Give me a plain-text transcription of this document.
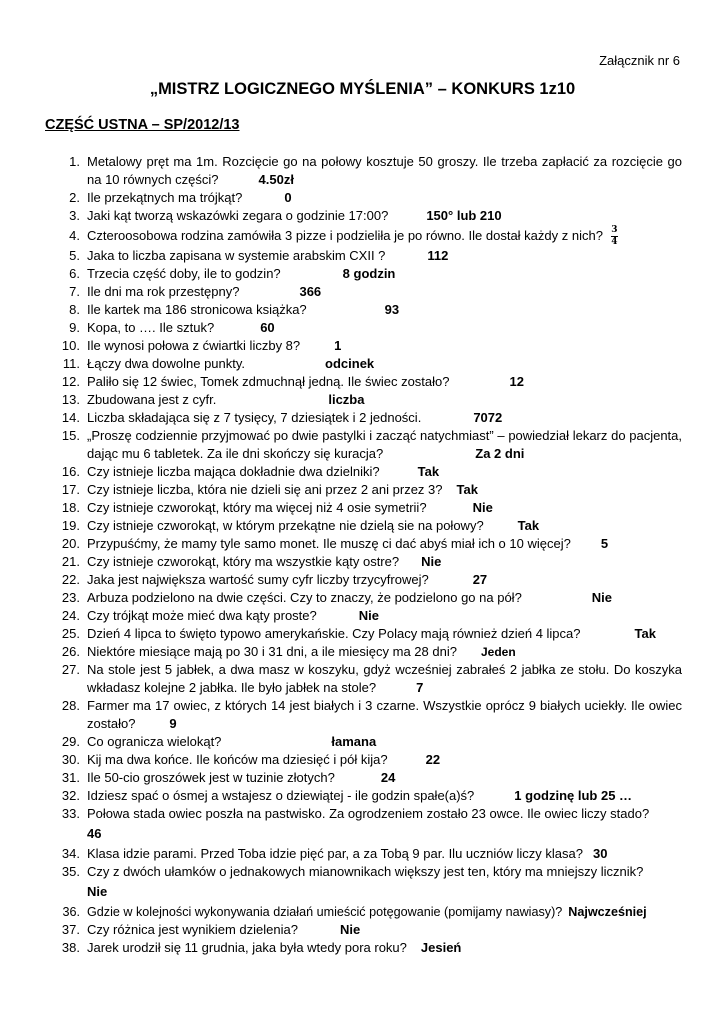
Załącznik nr 6
„MISTRZ LOGICZNEGO MYŚLENIA” – KONKURS 1z10
CZĘŚĆ USTNA – SP/2012/13
1. Metalowy pręt ma 1m. Rozcięcie go na połowy kosztuje 50 groszy. Ile trzeba zapłacić za rozcięcie go na 10 równych części?	4.50zł
2. Ile przekątnych ma trójkąt?	0
3. Jaki kąt tworzą wskazówki zegara o godzinie 17:00?	150° lub 210
4. Czteroosobowa rodzina zamówiła 3 pizze i podzieliła je po równo. Ile dostał każdy z nich? $\frac{3}{4}$
5. Jaka to liczba zapisana w systemie arabskim CXII ?	112
6. Trzecia część doby, ile to godzin?	8 godzin
7. Ile dni ma rok przestępny?	366
8. Ile kartek ma 186 stronicowa książka?	93
9. Kopa, to …. Ile sztuk?	60
10. Ile wynosi połowa z ćwiartki liczby 8?	1
11. Łączy dwa dowolne punkty.	odcinek
12. Paliło się 12 świec, Tomek zdmuchnął jedną. Ile świec zostało?	12
13. Zbudowana jest z cyfr.	liczba
14. Liczba składająca się z 7 tysięcy, 7 dziesiątek i 2 jedności.	7072
15. „Proszę codziennie przyjmować po dwie pastylki i zacząć natychmiast” – powiedział lekarz do pacjenta, dając mu 6 tabletek. Za ile dni skończy się kuracja?	Za 2 dni
16. Czy istnieje liczba mająca dokładnie dwa dzielniki?	Tak
17. Czy istnieje liczba, która nie dzieli się ani przez 2 ani przez 3? Tak
18. Czy istnieje czworokąt, który ma więcej niż 4 osie symetrii?	Nie
19. Czy istnieje czworokąt, w którym przekątne nie dzielą sie na połowy?	Tak
20. Przypuśćmy, że mamy tyle samo monet. Ile muszę ci dać abyś miał ich o 10 więcej? 5
21. Czy istnieje czworokąt, który ma wszystkie kąty ostre? Nie
22. Jaka jest największa wartość sumy cyfr liczby trzycyfrowej?	27
23. Arbuza podzielono na dwie części. Czy to znaczy, że podzielono go na pół?	Nie
24. Czy trójkąt może mieć dwa kąty proste?	Nie
25. Dzień 4 lipca to święto typowo amerykańskie. Czy Polacy mają również dzień 4 lipca?	Tak
26. Niektóre miesiące mają po 30 i 31 dni, a ile miesięcy ma 28 dni? Jeden
27. Na stole jest 5 jabłek, a dwa masz w koszyku, gdyż wcześniej zabrałeś 2 jabłka ze stołu. Do koszyka wkładasz kolejne 2 jabłka. Ile było jabłek na stole?	7
28. Farmer ma 17 owiec, z których 14 jest białych i 3 czarne. Wszystkie oprócz 9 białych uciekły. Ile owiec zostało?	9
29. Co ogranicza wielokąt?	łamana
30. Kij ma dwa końce. Ile końców ma dziesięć i pół kija?	22
31. Ile 50-cio groszówek jest w tuzinie złotych?	24
32. Idziesz spać o ósmej a wstajesz o dziewiątej - ile godzin spałe(a)ś?	1 godzinę lub 25 …
33. Połowa stada owiec poszła na pastwisko. Za ogrodzeniem zostało 23 owce. Ile owiec liczy stado?
46
34. Klasa idzie parami. Przed Toba idzie pięć par, a za Tobą 9 par. Ilu uczniów liczy klasa? 30
35. Czy z dwóch ułamków o jednakowych mianownikach większy jest ten, który ma mniejszy licznik?
Nie
36. Gdzie w kolejności wykonywania działań umieścić potęgowanie (pomijamy nawiasy)? Najwcześniej
37. Czy różnica jest wynikiem dzielenia?	Nie
38. Jarek urodził się 11 grudnia, jaka była wtedy pora roku? Jesień
